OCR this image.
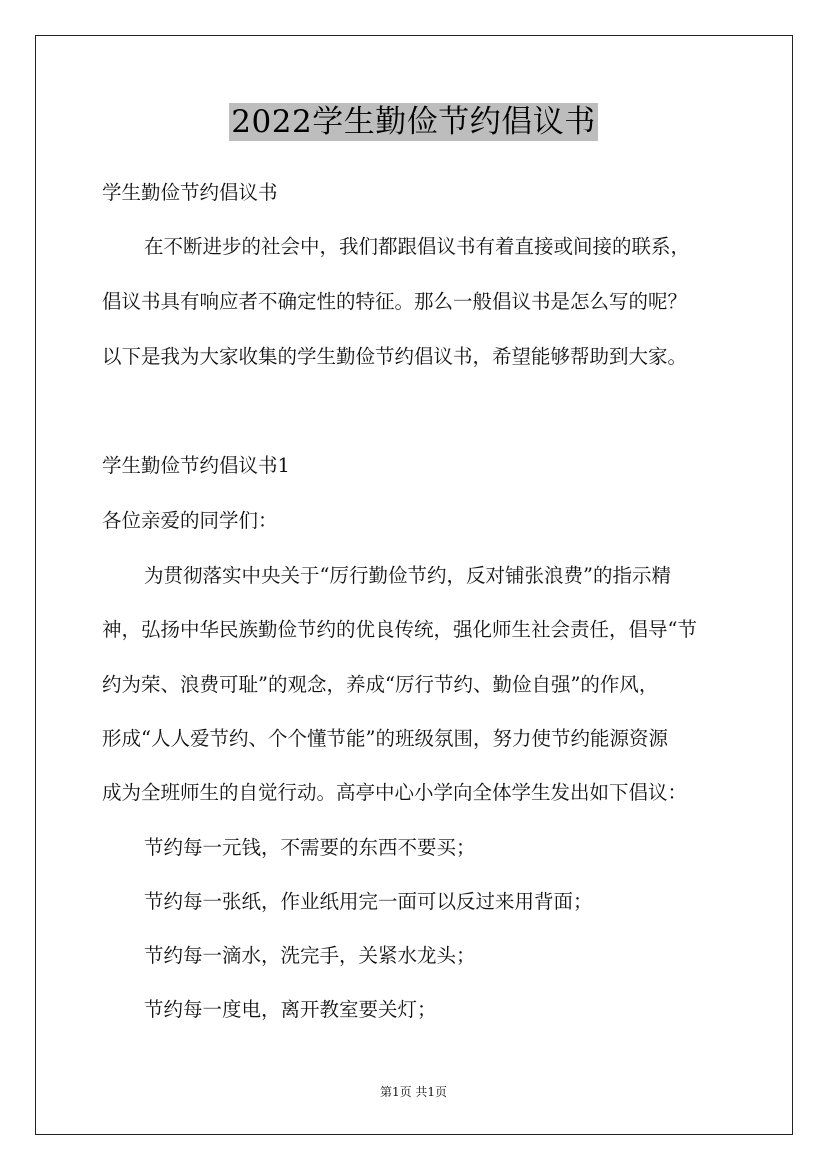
2022学生勤俭节约倡议书
学生勤俭节约倡议书
在不断进步的社会中，我们都跟倡议书有着直接或间接的联系，
倡议书具有响应者不确定性的特征。那么一般倡议书是怎么写的呢？
以下是我为大家收集的学生勤俭节约倡议书，希望能够帮助到大家。
学生勤俭节约倡议书1
各位亲爱的同学们：
为贯彻落实中央关于“厉行勤俭节约，反对铺张浪费”的指示精
神，弘扬中华民族勤俭节约的优良传统，强化师生社会责任，倡导“节
约为荣、浪费可耻”的观念，养成“厉行节约、勤俭自强”的作风，
形成“人人爱节约、个个懂节能”的班级氛围，努力使节约能源资源
成为全班师生的自觉行动。高亭中心小学向全体学生发出如下倡议：
节约每一元钱，不需要的东西不要买；
节约每一张纸，作业纸用完一面可以反过来用背面；
节约每一滴水，洗完手，关紧水龙头；
节约每一度电，离开教室要关灯；
第1页 共1页
